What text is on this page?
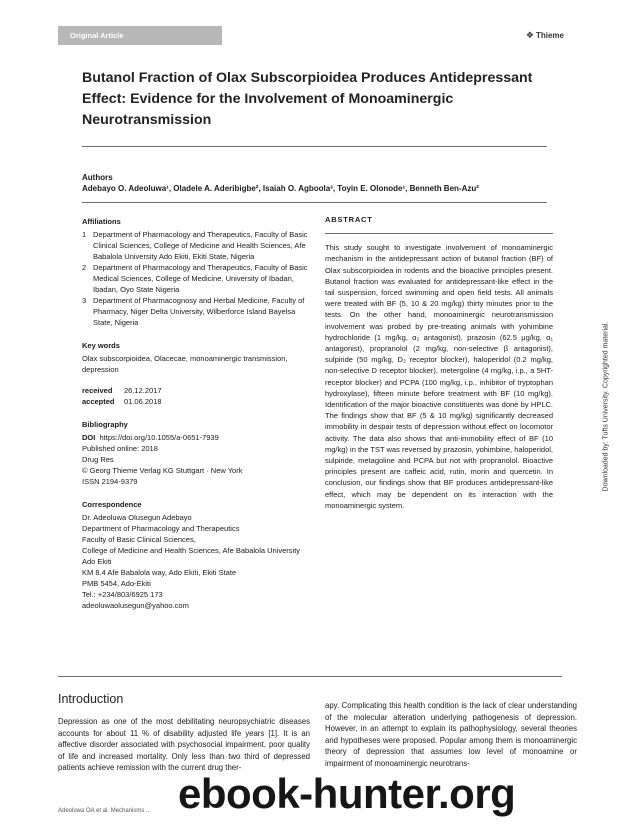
Original Article	❖ Thieme
Butanol Fraction of Olax Subscorpioidea Produces Antidepressant Effect: Evidence for the Involvement of Monoaminergic Neurotransmission
Authors
Adebayo O. Adeoluwa¹, Oladele A. Aderibigbe², Isaiah O. Agboola³, Toyin E. Olonode¹, Benneth Ben-Azu²
Affiliations
1 Department of Pharmacology and Therapeutics, Faculty of Basic Clinical Sciences, College of Medicine and Health Sciences, Afe Babalola University Ado Ekiti, Ekiti State, Nigeria
2 Department of Pharmacology and Therapeutics, Faculty of Basic Medical Sciences, College of Medicine, University of Ibadan, Ibadan, Oyo State Nigeria
3 Department of Pharmacognosy and Herbal Medicine, Faculty of Pharmacy, Niger Delta University, Wilberforce Island Bayelsa State, Nigeria
Key words
Olax subscorpioidea, Olacecae, monoaminergic transmission, depression
received 26.12.2017
accepted 01.06.2018
Bibliography
DOI https://doi.org/10.1055/a-0651-7939
Published online: 2018
Drug Res
© Georg Thieme Verlag KG Stuttgart · New York
ISSN 2194-9379
Correspondence
Dr. Adeoluwa Olusegun Adebayo
Department of Pharmacology and Therapeutics
Faculty of Basic Clinical Sciences,
College of Medicine and Health Sciences, Afe Babalola University Ado Ekiti
KM 8.4 Afe Babalola way, Ado Ekiti, Ekiti State
PMB 5454, Ado-Ekiti
Tel.: +234/803/6925 173
adeoluwaolusegun@yahoo.com
ABSTRACT
This study sought to investigate involvement of monoaminergic mechanism in the antidepressant action of butanol fraction (BF) of Olax subscorpioidea in rodents and the bioactive principles present. Butanol fraction was evaluated for antidepressant-like effect in the tail suspension, forced swimming and open field tests. All animals were treated with BF (5, 10 & 20 mg/kg) thirty minutes prior to the tests. On the other hand, monoaminergic neurotransmission involvement was probed by pre-treating animals with yohimbine hydrochloride (1 mg/kg, α₂ antagonist), prazosin (62.5 μg/kg, α₁ antagonist), propranolol (2 mg/kg, non-selective β antagonist), sulpiride (50 mg/kg, D₂ receptor blocker), haloperidol (0.2 mg/kg, non-selective D receptor blocker), metergoline (4 mg/kg, i.p., a 5HT-receptor blocker) and PCPA (100 mg/kg, i.p., inhibitor of tryptophan hydroxylase), fifteen minute before treatment with BF (10 mg/kg). Identification of the major bioactive constituents was done by HPLC. The findings show that BF (5 & 10 mg/kg) significantly decreased immobility in despair tests of depression without effect on locomotor activity. The data also shows that anti-immobility effect of BF (10 mg/kg) in the TST was reversed by prazosin, yohimbine, haloperidol, sulpiride, metagoline and PCPA but not with propranolol. Bioactive principles present are caffeic acid, rutin, morin and quercetin. In conclusion, our findings show that BF produces antidepressant-like effect, which may be dependent on its interaction with the monoaminergic system.
Introduction
Depression as one of the most debilitating neuropsychiatric diseases accounts for about 11 % of disability adjusted life years [1]. It is an affective disorder associated with psychosocial impairment, poor quality of life and increased mortality. Only less than two third of depressed patients achieve remission with the current drug ther-
apy. Complicating this health condition is the lack of clear understanding of the molecular alteration underlying pathogenesis of depression. However, in an attempt to explain its pathophysiology, several theories and hypotheses were proposed. Popular among them is monoaminergic theory of depression that assumes low level of monoamine or impairment of monoaminergic neurotrans-
Adeoluwa OA et al. Mechanisms ...
Downloaded by: Tufts University. Copyrighted material.
ebook-hunter.org
